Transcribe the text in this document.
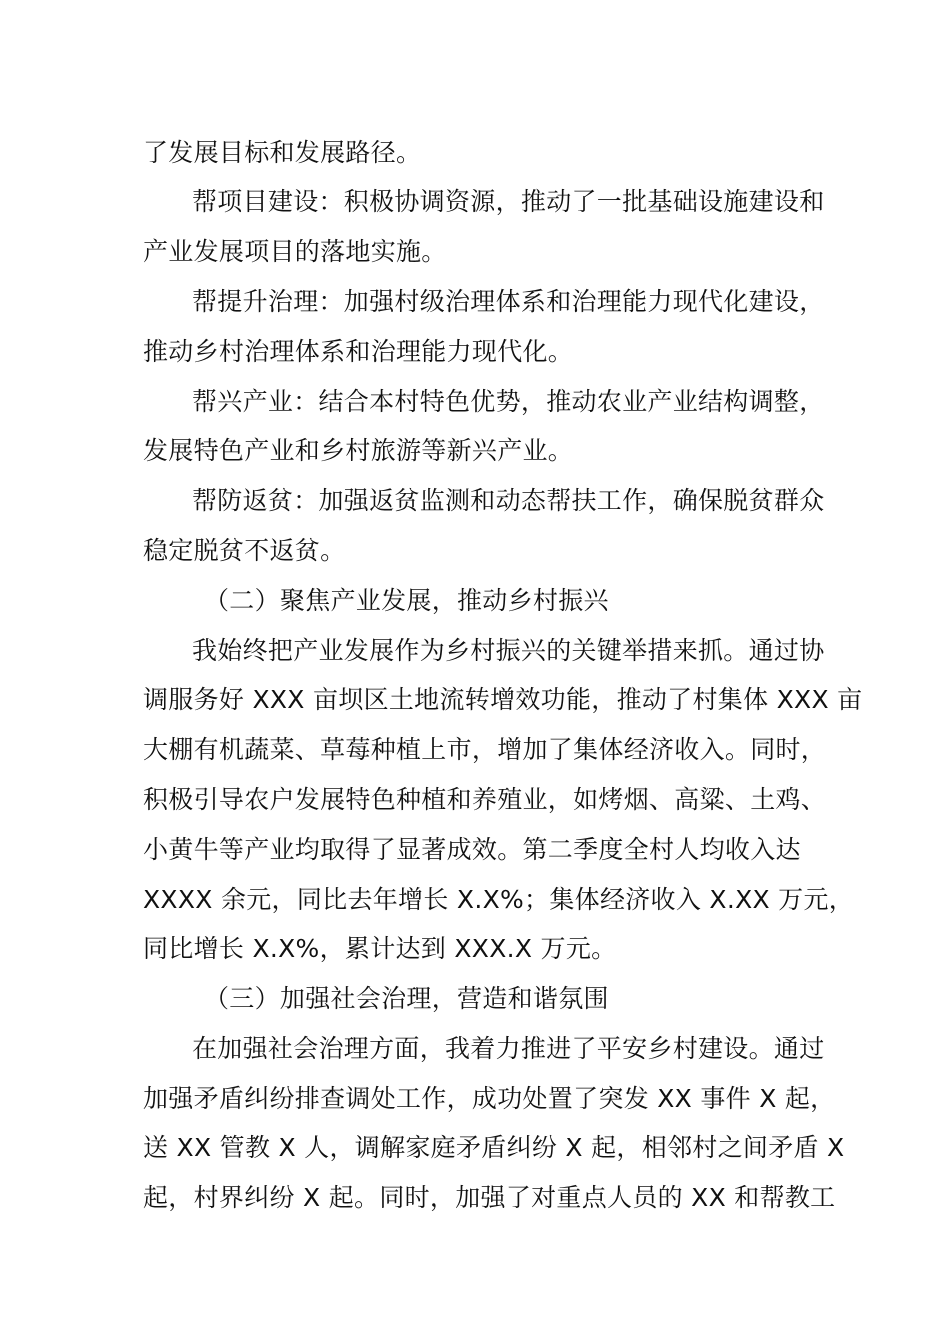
了发展目标和发展路径。
帮项目建设：积极协调资源，推动了一批基础设施建设和
产业发展项目的落地实施。
帮提升治理：加强村级治理体系和治理能力现代化建设，
推动乡村治理体系和治理能力现代化。
帮兴产业：结合本村特色优势，推动农业产业结构调整，
发展特色产业和乡村旅游等新兴产业。
帮防返贫：加强返贫监测和动态帮扶工作，确保脱贫群众
稳定脱贫不返贫。
（二）聚焦产业发展，推动乡村振兴
我始终把产业发展作为乡村振兴的关键举措来抓。通过协
调服务好 XXX 亩坝区土地流转增效功能，推动了村集体 XXX 亩
大棚有机蔬菜、草莓种植上市，增加了集体经济收入。同时，
积极引导农户发展特色种植和养殖业，如烤烟、高粱、土鸡、
小黄牛等产业均取得了显著成效。第二季度全村人均收入达
XXXX 余元，同比去年增长 X.X%；集体经济收入 X.XX 万元，
同比增长 X.X%，累计达到 XXX.X 万元。
（三）加强社会治理，营造和谐氛围
在加强社会治理方面，我着力推进了平安乡村建设。通过
加强矛盾纠纷排查调处工作，成功处置了突发 XX 事件 X 起，
送 XX 管教 X 人，调解家庭矛盾纠纷 X 起，相邻村之间矛盾 X
起，村界纠纷 X 起。同时，加强了对重点人员的 XX 和帮教工
